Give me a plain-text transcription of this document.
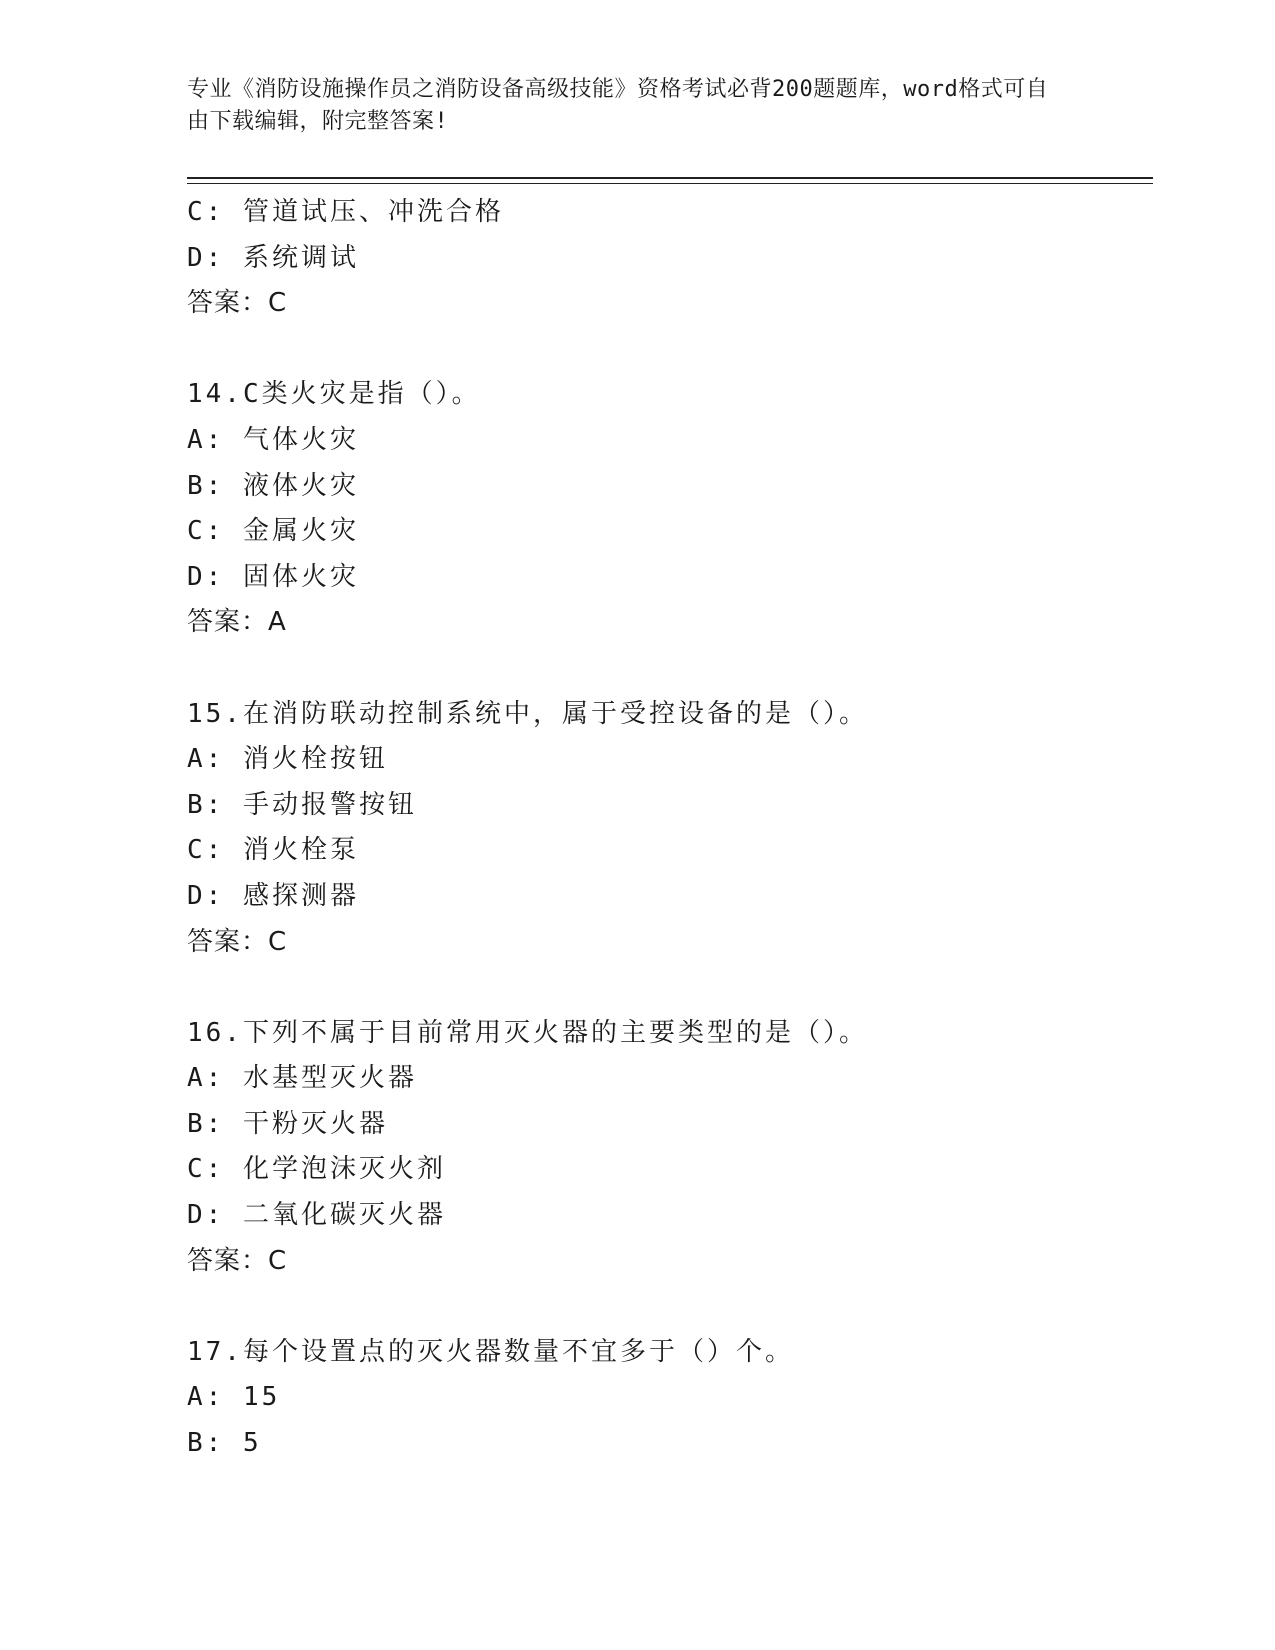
专业《消防设施操作员之消防设备高级技能》资格考试必背200题题库，word格式可自由下载编辑，附完整答案!
C: 管道试压、冲洗合格
D: 系统调试
答案：C
14.C类火灾是指（）。
A: 气体火灾
B: 液体火灾
C: 金属火灾
D: 固体火灾
答案：A
15.在消防联动控制系统中，属于受控设备的是（）。
A: 消火栓按钮
B: 手动报警按钮
C: 消火栓泵
D: 感探测器
答案：C
16.下列不属于目前常用灭火器的主要类型的是（）。
A: 水基型灭火器
B: 干粉灭火器
C: 化学泡沫灭火剂
D: 二氧化碳灭火器
答案：C
17.每个设置点的灭火器数量不宜多于（）个。
A: 15
B: 5
